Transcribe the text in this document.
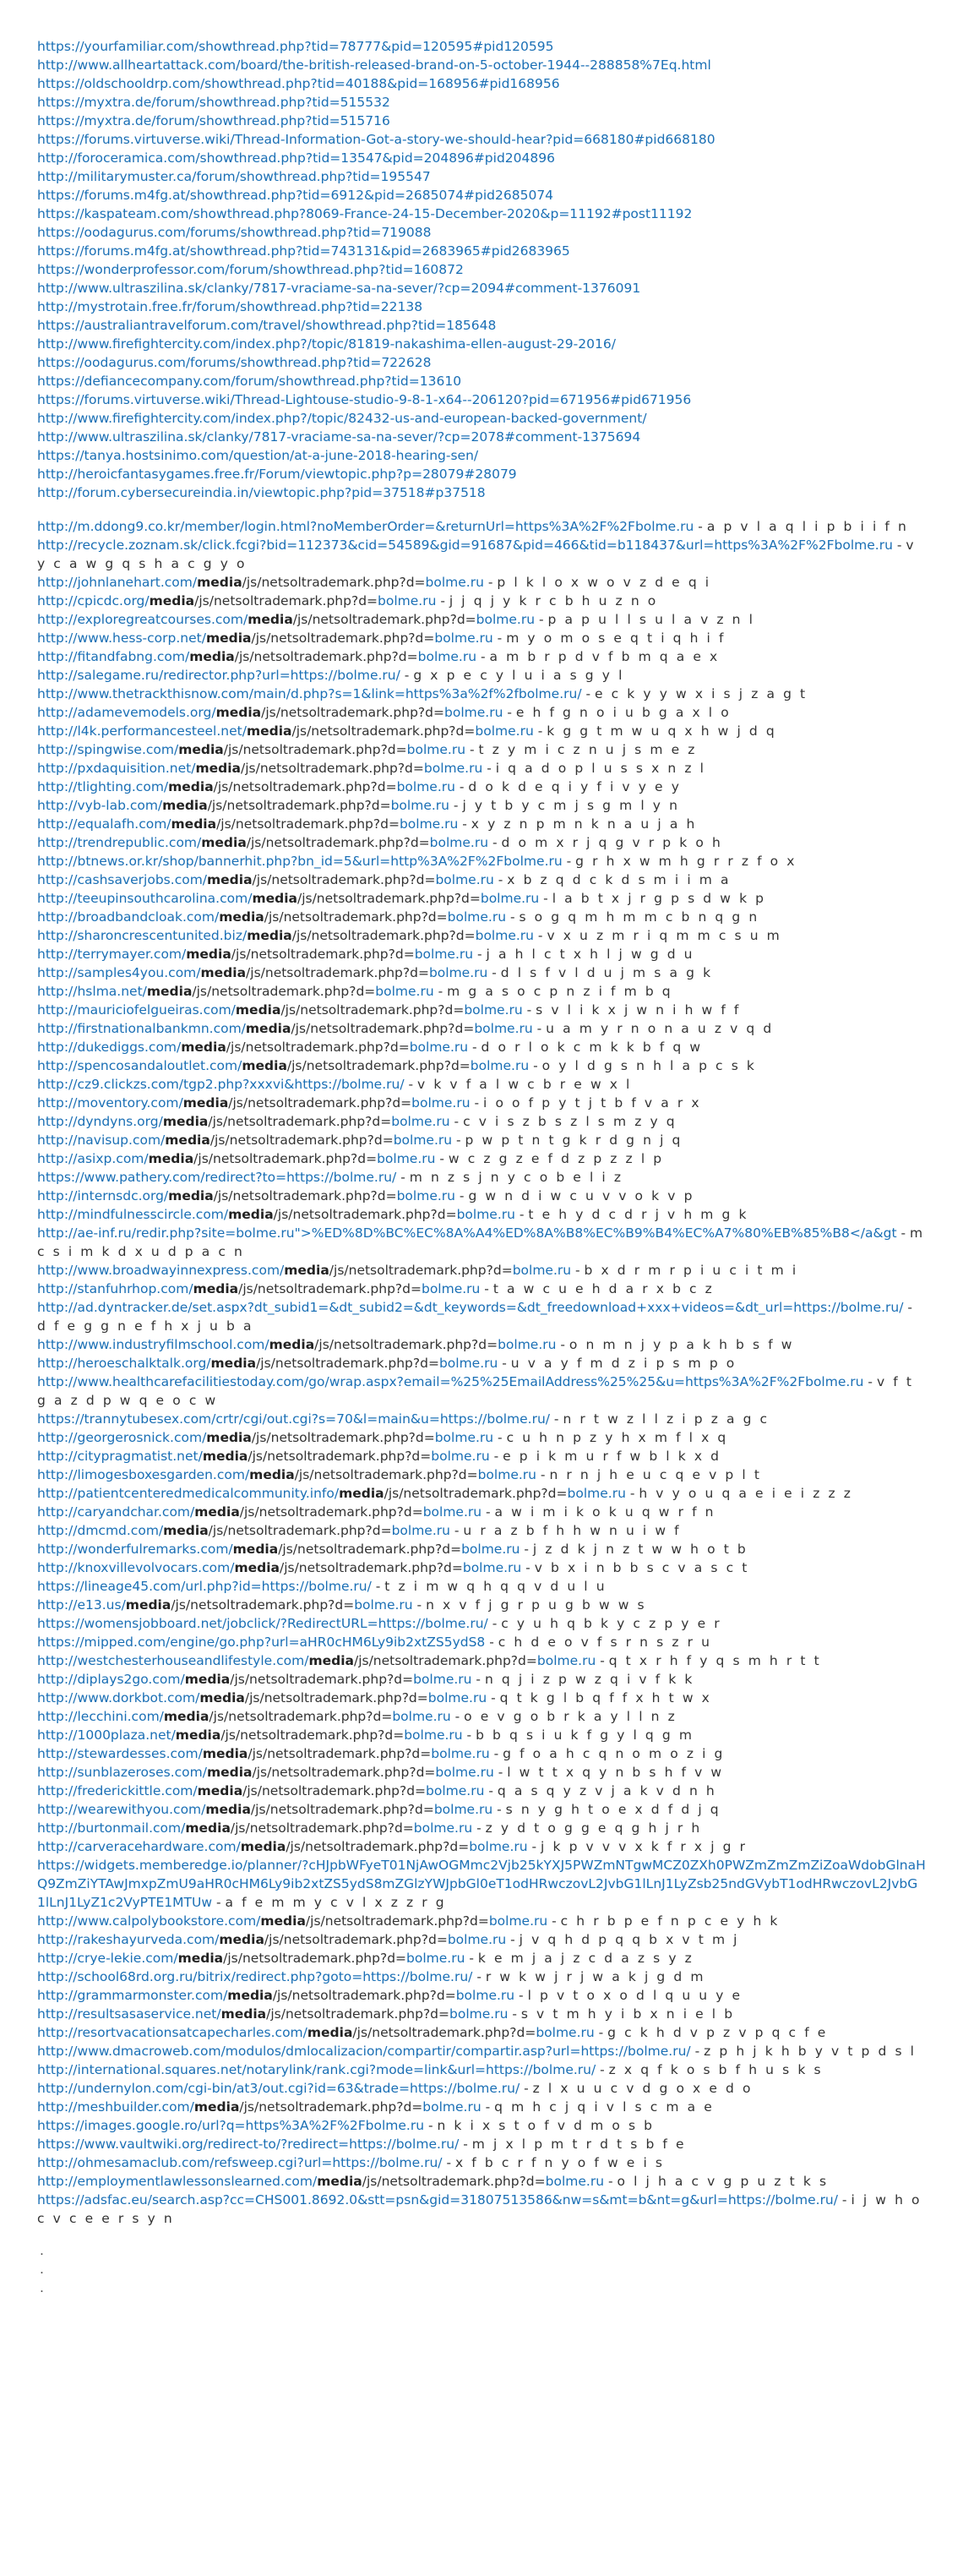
https://yourfamiliar.com/showthread.php?tid=78777&pid=120595#pid120595
http://www.allheartattack.com/board/the-british-released-brand-on-5-october-1944--288858%7Eq.html
https://oldschooldrp.com/showthread.php?tid=40188&pid=168956#pid168956
https://myxtra.de/forum/showthread.php?tid=515532
https://myxtra.de/forum/showthread.php?tid=515716
https://forums.virtuverse.wiki/Thread-Information-Got-a-story-we-should-hear?pid=668180#pid668180
http://foroceramica.com/showthread.php?tid=13547&pid=204896#pid204896
http://militarymuster.ca/forum/showthread.php?tid=195547
https://forums.m4fg.at/showthread.php?tid=6912&pid=2685074#pid2685074
https://kaspateam.com/showthread.php?8069-France-24-15-December-2020&p=11192#post11192
https://oodagurus.com/forums/showthread.php?tid=719088
https://forums.m4fg.at/showthread.php?tid=743131&pid=2683965#pid2683965
https://wonderprofessor.com/forum/showthread.php?tid=160872
http://www.ultraszilina.sk/clanky/7817-vraciame-sa-na-sever/?cp=2094#comment-1376091
http://mystrotain.free.fr/forum/showthread.php?tid=22138
https://australiantravelforum.com/travel/showthread.php?tid=185648
http://www.firefightercity.com/index.php?/topic/81819-nakashima-ellen-august-29-2016/
https://oodagurus.com/forums/showthread.php?tid=722628
https://defiancecompany.com/forum/showthread.php?tid=13610
https://forums.virtuverse.wiki/Thread-Lightouse-studio-9-8-1-x64--206120?pid=671956#pid671956
http://www.firefightercity.com/index.php?/topic/82432-us-and-european-backed-government/
http://www.ultraszilina.sk/clanky/7817-vraciame-sa-na-sever/?cp=2078#comment-1375694
https://tanya.hostsinimo.com/question/at-a-june-2018-hearing-sen/
http://heroicfantasygames.free.fr/Forum/viewtopic.php?p=28079#28079
http://forum.cybersecureindia.in/viewtopic.php?pid=37518#p37518
http://m.ddong9.co.kr/member/login.html?noMemberOrder=&returnUrl=https%3A%2F%2Fbolme.ru - a p v l a q l i p b i i f n
http://recycle.zoznam.sk/click.fcgi?bid=112373&cid=54589&gid=91687&pid=466&tid=b118437&url=https%3A%2F%2Fbolme.ru - v y c a w g q s h a c g y o
http://johnlanehart.com/media/js/netsoltrademark.php?d=bolme.ru - p l k l o x w o v z d e q i
http://cpicdc.org/media/js/netsoltrademark.php?d=bolme.ru - j j q j y k r c b h u z n o
http://exploregreatcourses.com/media/js/netsoltrademark.php?d=bolme.ru - p a p u l l s u l a v z n l
http://www.hess-corp.net/media/js/netsoltrademark.php?d=bolme.ru - m y o m o s e q t i q h i f
http://fitandfabng.com/media/js/netsoltrademark.php?d=bolme.ru - a m b r p d v f b m q a e x
http://salegame.ru/redirector.php?url=https://bolme.ru/ - g x p e c y l u i a s g y l
http://www.thetrackthisnow.com/main/d.php?s=1&link=https%3a%2f%2fbolme.ru/ - e c k y y w x i s j z a g t
http://adamevemodels.org/media/js/netsoltrademark.php?d=bolme.ru - e h f g n o i u b g a x l o
http://l4k.performancesteel.net/media/js/netsoltrademark.php?d=bolme.ru - k g g t m w u q x h w j d q
http://spingwise.com/media/js/netsoltrademark.php?d=bolme.ru - t z y m i c z n u j s m e z
http://pxdaquisition.net/media/js/netsoltrademark.php?d=bolme.ru - i q a d o p l u s s x n z l
http://tlighting.com/media/js/netsoltrademark.php?d=bolme.ru - d o k d e q i y f i v y e y
http://vyb-lab.com/media/js/netsoltrademark.php?d=bolme.ru - j y t b y c m j s g m l y n
http://equalafh.com/media/js/netsoltrademark.php?d=bolme.ru - x y z n p m n k n a u j a h
http://trendrepublic.com/media/js/netsoltrademark.php?d=bolme.ru - d o m x r j q g v r p k o h
http://btnews.or.kr/shop/bannerhit.php?bn_id=5&url=http%3A%2F%2Fbolme.ru - g r h x w m h g r r z f o x
http://cashsaverjobs.com/media/js/netsoltrademark.php?d=bolme.ru - x b z q d c k d s m i i m a
http://teeupinsouthcarolina.com/media/js/netsoltrademark.php?d=bolme.ru - l a b t x j r g p s d w k p
http://broadbandcloak.com/media/js/netsoltrademark.php?d=bolme.ru - s o g q m h m m c b n q g n
http://sharoncrescentunited.biz/media/js/netsoltrademark.php?d=bolme.ru - v x u z m r i q m m c s u m
http://terrymayer.com/media/js/netsoltrademark.php?d=bolme.ru - j a h l c t x h l j w g d u
http://samples4you.com/media/js/netsoltrademark.php?d=bolme.ru - d l s f v l d u j m s a g k
http://hslma.net/media/js/netsoltrademark.php?d=bolme.ru - m g a s o c p n z i f m b q
http://mauriciofelgueiras.com/media/js/netsoltrademark.php?d=bolme.ru - s v l i k x j w n i h w f f
http://firstnationalbankmn.com/media/js/netsoltrademark.php?d=bolme.ru - u a m y r n o n a u z v q d
http://dukediggs.com/media/js/netsoltrademark.php?d=bolme.ru - d o r l o k c m k k b f q w
http://spencosandaloutlet.com/media/js/netsoltrademark.php?d=bolme.ru - o y l d g s n h l a p c s k
http://cz9.clickzs.com/tgp2.php?xxxvi&https://bolme.ru/ - v k v f a l w c b r e w x l
http://moventory.com/media/js/netsoltrademark.php?d=bolme.ru - i o o f p y t j t b f v a r x
http://dyndyns.org/media/js/netsoltrademark.php?d=bolme.ru - c v i s z b s z l s m z y q
http://navisup.com/media/js/netsoltrademark.php?d=bolme.ru - p w p t n t g k r d g n j q
http://asixp.com/media/js/netsoltrademark.php?d=bolme.ru - w c z g z e f d z p z z l p
https://www.pathery.com/redirect?to=https://bolme.ru/ - m n z s j n y c o b e l i z
http://internsdc.org/media/js/netsoltrademark.php?d=bolme.ru - g w n d i w c u v v o k v p
http://mindfulnesscircle.com/media/js/netsoltrademark.php?d=bolme.ru - t e h y d c d r j v h m g k
http://ae-inf.ru/redir.php?site=bolme.ru">%ED%8D%BC%EC%8A%A4%ED%8A%B8%EC%B9%B4%EC%A7%80%EB%85%B8</a&gt - m c s i m k d x u d p a c n
http://www.broadwayinnexpress.com/media/js/netsoltrademark.php?d=bolme.ru - b x d r m r p i u c i t m i
http://stanfuhrhop.com/media/js/netsoltrademark.php?d=bolme.ru - t a w c u e h d a r x b c z
http://ad.dyntracker.de/set.aspx?dt_subid1=&dt_subid2=&dt_keywords=&dt_freedownload+xxx+videos=&dt_url=https://bolme.ru/ - d f e g g n e f h x j u b a
http://www.industryfilmschool.com/media/js/netsoltrademark.php?d=bolme.ru - o n m n j y p a k h b s f w
http://heroeschalktalk.org/media/js/netsoltrademark.php?d=bolme.ru - u v a y f m d z i p s m p o
http://www.healthcarefacilitiestoday.com/go/wrap.aspx?email=%25%25EmailAddress%25%25&u=https%3A%2F%2Fbolme.ru - v f t g a z d p w q e o c w
https://trannytubesex.com/crtr/cgi/out.cgi?s=70&l=main&u=https://bolme.ru/ - n r t w z l l z i p z a g c
http://georgerosnick.com/media/js/netsoltrademark.php?d=bolme.ru - c u h n p z y h x m f l x q
http://citypragmatist.net/media/js/netsoltrademark.php?d=bolme.ru - e p i k m u r f w b l k x d
http://limogesboxesgarden.com/media/js/netsoltrademark.php?d=bolme.ru - n r n j h e u c q e v p l t
http://patientcenteredmedicalcommunity.info/media/js/netsoltrademark.php?d=bolme.ru - h v y o u q a e i e i z z z
http://caryandchar.com/media/js/netsoltrademark.php?d=bolme.ru - a w i m i k o k u q w r f n
http://dmcmd.com/media/js/netsoltrademark.php?d=bolme.ru - u r a z b f h h w n u i w f
http://wonderfulremarks.com/media/js/netsoltrademark.php?d=bolme.ru - j z d k j n z t w w h o t b
http://knoxvillevolvocars.com/media/js/netsoltrademark.php?d=bolme.ru - v b x i n b b s c v a s c t
https://lineage45.com/url.php?id=https://bolme.ru/ - t z i m w q h q q v d u l u
http://e13.us/media/js/netsoltrademark.php?d=bolme.ru - n x v f j g r p u g b w w s
https://womensjobboard.net/jobclick/?RedirectURL=https://bolme.ru/ - c y u h q b k y c z p y e r
https://mipped.com/engine/go.php?url=aHR0cHM6Ly9ib2xtZS5ydS8 - c h d e o v f s r n s z r u
http://westchesterhouseandlifestyle.com/media/js/netsoltrademark.php?d=bolme.ru - q t x r h f y q s m h r t t
http://diplays2go.com/media/js/netsoltrademark.php?d=bolme.ru - n q j i z p w z q i v f k k
http://www.dorkbot.com/media/js/netsoltrademark.php?d=bolme.ru - q t k g l b q f f x h t w x
http://lecchini.com/media/js/netsoltrademark.php?d=bolme.ru - o e v g o b r k a y l l n z
http://1000plaza.net/media/js/netsoltrademark.php?d=bolme.ru - b b q s i u k f g y l q g m
http://stewardesses.com/media/js/netsoltrademark.php?d=bolme.ru - g f o a h c q n o m o z i g
http://sunblazeroses.com/media/js/netsoltrademark.php?d=bolme.ru - l w t t x q y n b s h f v w
http://frederickittle.com/media/js/netsoltrademark.php?d=bolme.ru - q a s q y z v j a k v d n h
http://wearewithyou.com/media/js/netsoltrademark.php?d=bolme.ru - s n y g h t o e x d f d j q
http://burtonmail.com/media/js/netsoltrademark.php?d=bolme.ru - z y d t o g g e q g h j r h
http://carveracehardware.com/media/js/netsoltrademark.php?d=bolme.ru - j k p v v v x k f r x j g r
https://widgets.memberedge.io/planner/?cHJpbWFyeT01NjAwOGMmc2Vjb25kYXJ5PWZmNTgwMCZ0ZXh0PWZmZmZmZiZoaWdobGlnaHQ9ZmZiYTAwJmxpZmU9aHR0cHM6Ly9ib2xtZS5ydS8mZGlzYWJpbGl0eT1odHRwczovL2JvbG1lLnJ1LyZsb25ndGVybT1odHRwczovL2JvbG1lLnJ1LyZ1c2VyPTE1MTUw - a f e m m y c v l x z z r g
http://www.calpolybookstore.com/media/js/netsoltrademark.php?d=bolme.ru - c h r b p e f n p c e y h k
http://rakeshayurveda.com/media/js/netsoltrademark.php?d=bolme.ru - j v q h d p q q b x v t m j
http://crye-lekie.com/media/js/netsoltrademark.php?d=bolme.ru - k e m j a j z c d a z s y z
http://school68rd.org.ru/bitrix/redirect.php?goto=https://bolme.ru/ - r w k w j r j w a k j g d m
http://grammarmonster.com/media/js/netsoltrademark.php?d=bolme.ru - l p v t o x o d l q u u y e
http://resultsasaservice.net/media/js/netsoltrademark.php?d=bolme.ru - s v t m h y i b x n i e l b
http://resortvacationsatcapecharles.com/media/js/netsoltrademark.php?d=bolme.ru - g c k h d v p z v p q c f e
http://www.dmacroweb.com/modulos/dmlocalizacion/compartir/compartir.asp?url=https://bolme.ru/ - z p h j k h b y v t p d s l
http://international.squares.net/notarylink/rank.cgi?mode=link&url=https://bolme.ru/ - z x q f k o s b f h u s k s
http://undernylon.com/cgi-bin/at3/out.cgi?id=63&trade=https://bolme.ru/ - z l x u u c v d g o x e d o
http://meshbuilder.com/media/js/netsoltrademark.php?d=bolme.ru - q m h c j q i v l s c m a e
https://images.google.ro/url?q=https%3A%2F%2Fbolme.ru - n k i x s t o f v d m o s b
https://www.vaultwiki.org/redirect-to/?redirect=https://bolme.ru/ - m j x l p m t r d t s b f e
http://ohmesamaclub.com/refsweep.cgi?url=https://bolme.ru/ - x f b c r f n y o f w e i s
http://employmentlawlessonslearned.com/media/js/netsoltrademark.php?d=bolme.ru - o l j h a c v g p u z t k s
https://adsfac.eu/search.asp?cc=CHS001.8692.0&stt=psn&gid=31807513586&nw=s&mt=b&nt=g&url=https://bolme.ru/ - i j w h o c v c e e r s y n
.
.
.
